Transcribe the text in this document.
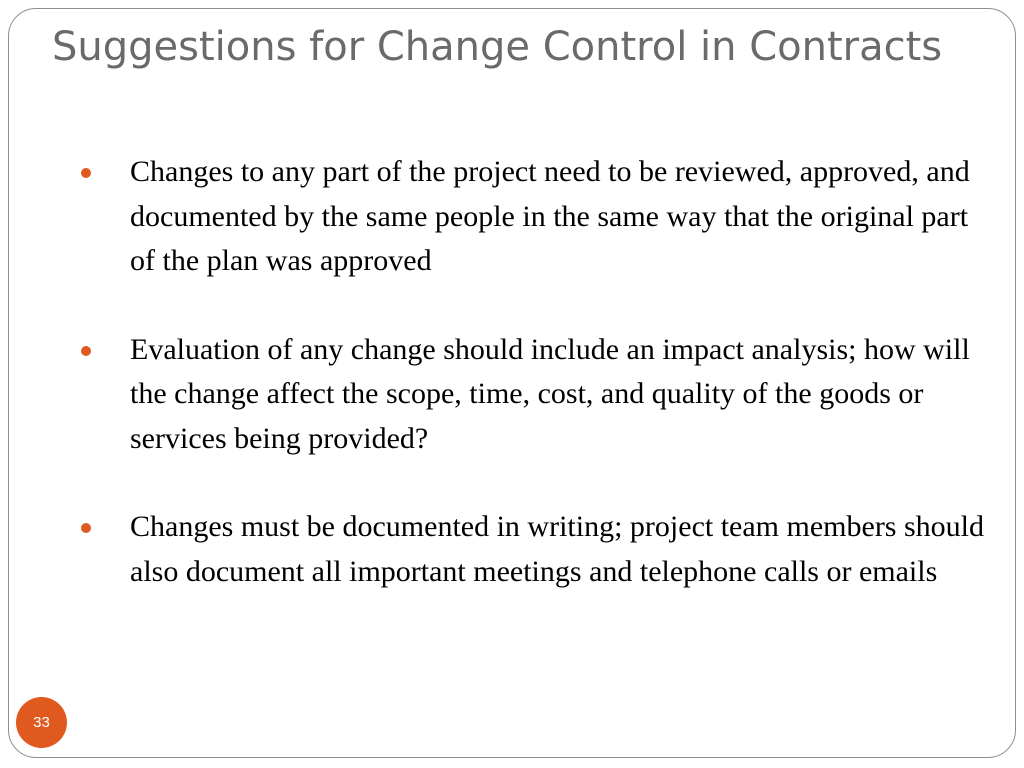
Suggestions for Change Control in Contracts
Changes to any part of the project need to be reviewed, approved, and documented by the same people in the same way that the original part of the plan was approved
Evaluation of any change should include an impact analysis; how will the change affect the scope, time, cost, and quality of the goods or services being provided?
Changes must be documented in writing; project team members should also document all important meetings and telephone calls or emails
33
